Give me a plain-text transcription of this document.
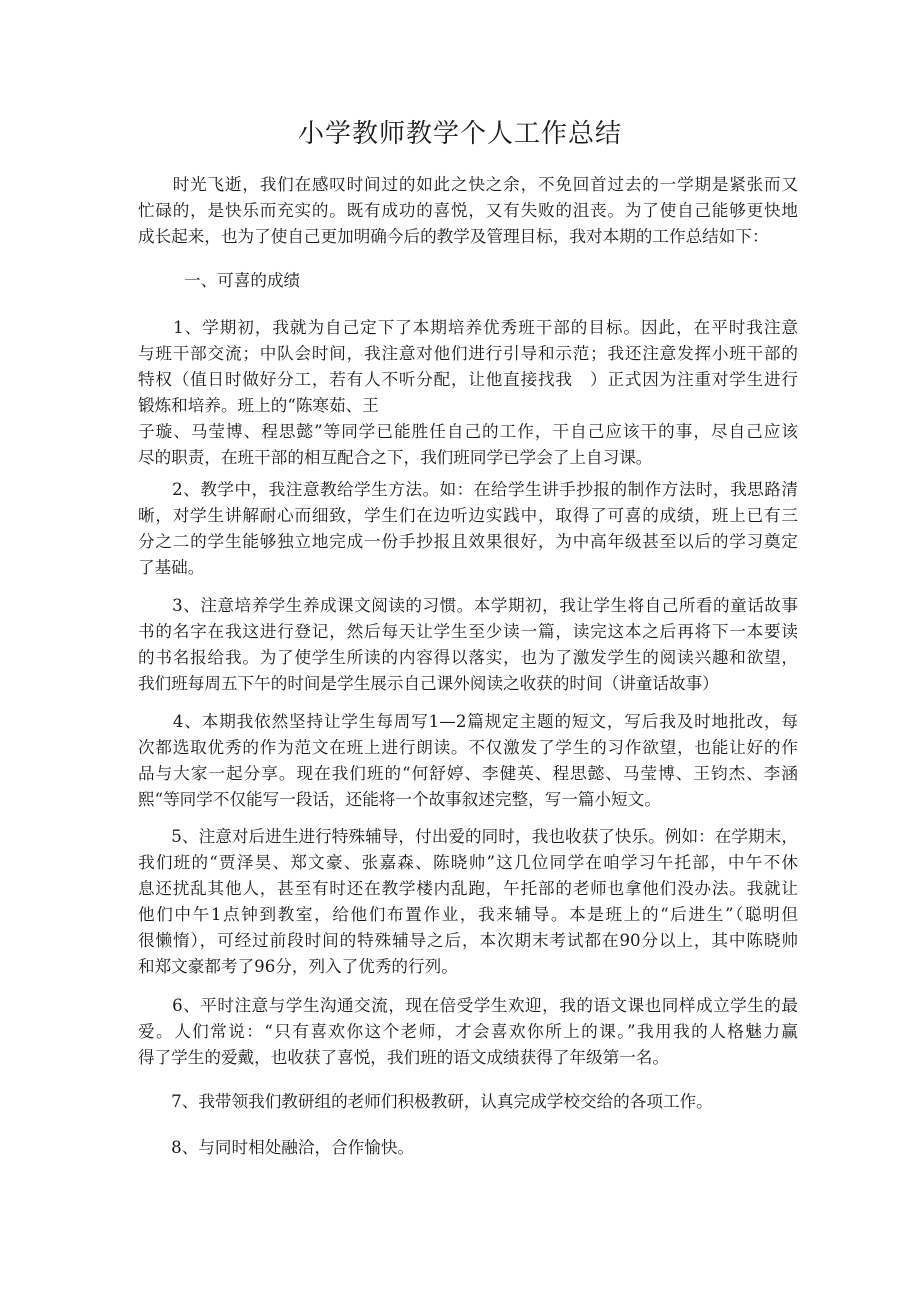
小学教师教学个人工作总结
　　时光飞逝，我们在感叹时间过的如此之快之余，不免回首过去的一学期是紧张而又
忙碌的，是快乐而充实的。既有成功的喜悦，又有失败的沮丧。为了使自己能够更快地
成长起来，也为了使自己更加明确今后的教学及管理目标，我对本期的工作总结如下：
一、可喜的成绩
　　1、学期初，我就为自己定下了本期培养优秀班干部的目标。因此，在平时我注意
与班干部交流；中队会时间，我注意对他们进行引导和示范；我还注意发挥小班干部的
特权（值日时做好分工，若有人不听分配，让他直接找我　）正式因为注重对学生进行
锻炼和培养。班上的“陈寒茹、王
子璇、马莹博、程思懿”等同学已能胜任自己的工作，干自己应该干的事，尽自己应该
尽的职责，在班干部的相互配合之下，我们班同学已学会了上自习课。
　　2、教学中，我注意教给学生方法。如：在给学生讲手抄报的制作方法时，我思路清
晰，对学生讲解耐心而细致，学生们在边听边实践中，取得了可喜的成绩，班上已有三
分之二的学生能够独立地完成一份手抄报且效果很好，为中高年级甚至以后的学习奠定
了基础。
　　3、注意培养学生养成课文阅读的习惯。本学期初，我让学生将自己所看的童话故事
书的名字在我这进行登记，然后每天让学生至少读一篇，读完这本之后再将下一本要读
的书名报给我。为了使学生所读的内容得以落实，也为了激发学生的阅读兴趣和欲望，
我们班每周五下午的时间是学生展示自己课外阅读之收获的时间（讲童话故事）
　　4、本期我依然坚持让学生每周写1—2篇规定主题的短文，写后我及时地批改，每
次都选取优秀的作为范文在班上进行朗读。不仅激发了学生的习作欲望，也能让好的作
品与大家一起分享。现在我们班的“何舒婷、李健英、程思懿、马莹博、王钧杰、李涵
熙“等同学不仅能写一段话，还能将一个故事叙述完整，写一篇小短文。
　　5、注意对后进生进行特殊辅导，付出爱的同时，我也收获了快乐。例如：在学期末，
我们班的“贾泽昊、郑文豪、张嘉森、陈晓帅”这几位同学在咱学习午托部，中午不休
息还扰乱其他人，甚至有时还在教学楼内乱跑，午托部的老师也拿他们没办法。我就让
他们中午1点钟到教室，给他们布置作业，我来辅导。本是班上的“后进生”（聪明但
很懒惰），可经过前段时间的特殊辅导之后，本次期末考试都在90分以上，其中陈晓帅
和郑文豪都考了96分，列入了优秀的行列。
　　6、平时注意与学生沟通交流，现在倍受学生欢迎，我的语文课也同样成立学生的最
爱。人们常说：“只有喜欢你这个老师，才会喜欢你所上的课。”我用我的人格魅力赢
得了学生的爱戴，也收获了喜悦，我们班的语文成绩获得了年级第一名。
　　7、我带领我们教研组的老师们积极教研，认真完成学校交给的各项工作。
　　8、与同时相处融洽，合作愉快。
